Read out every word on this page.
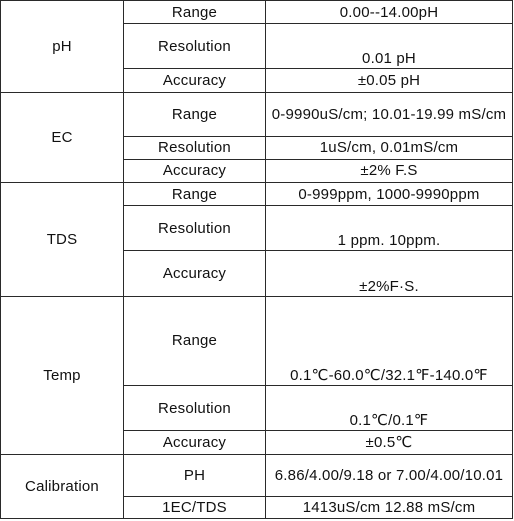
pH	Range	0.00--14.00pH
	Resolution	0.01 pH
	Accuracy	±0.05 pH
EC	Range	0-9990uS/cm; 10.01-19.99 mS/cm
	Resolution	1uS/cm, 0.01mS/cm
	Accuracy	±2% F.S
TDS	Range	0-999ppm, 1000-9990ppm
	Resolution	1 ppm. 10ppm.
	Accuracy	±2%F·S.
Temp	Range	0.1℃-60.0℃/32.1℉-140.0℉
	Resolution	0.1℃/0.1℉
	Accuracy	±0.5℃
Calibration	PH	6.86/4.00/9.18 or 7.00/4.00/10.01
	1EC/TDS	1413uS/cm 12.88 mS/cm
